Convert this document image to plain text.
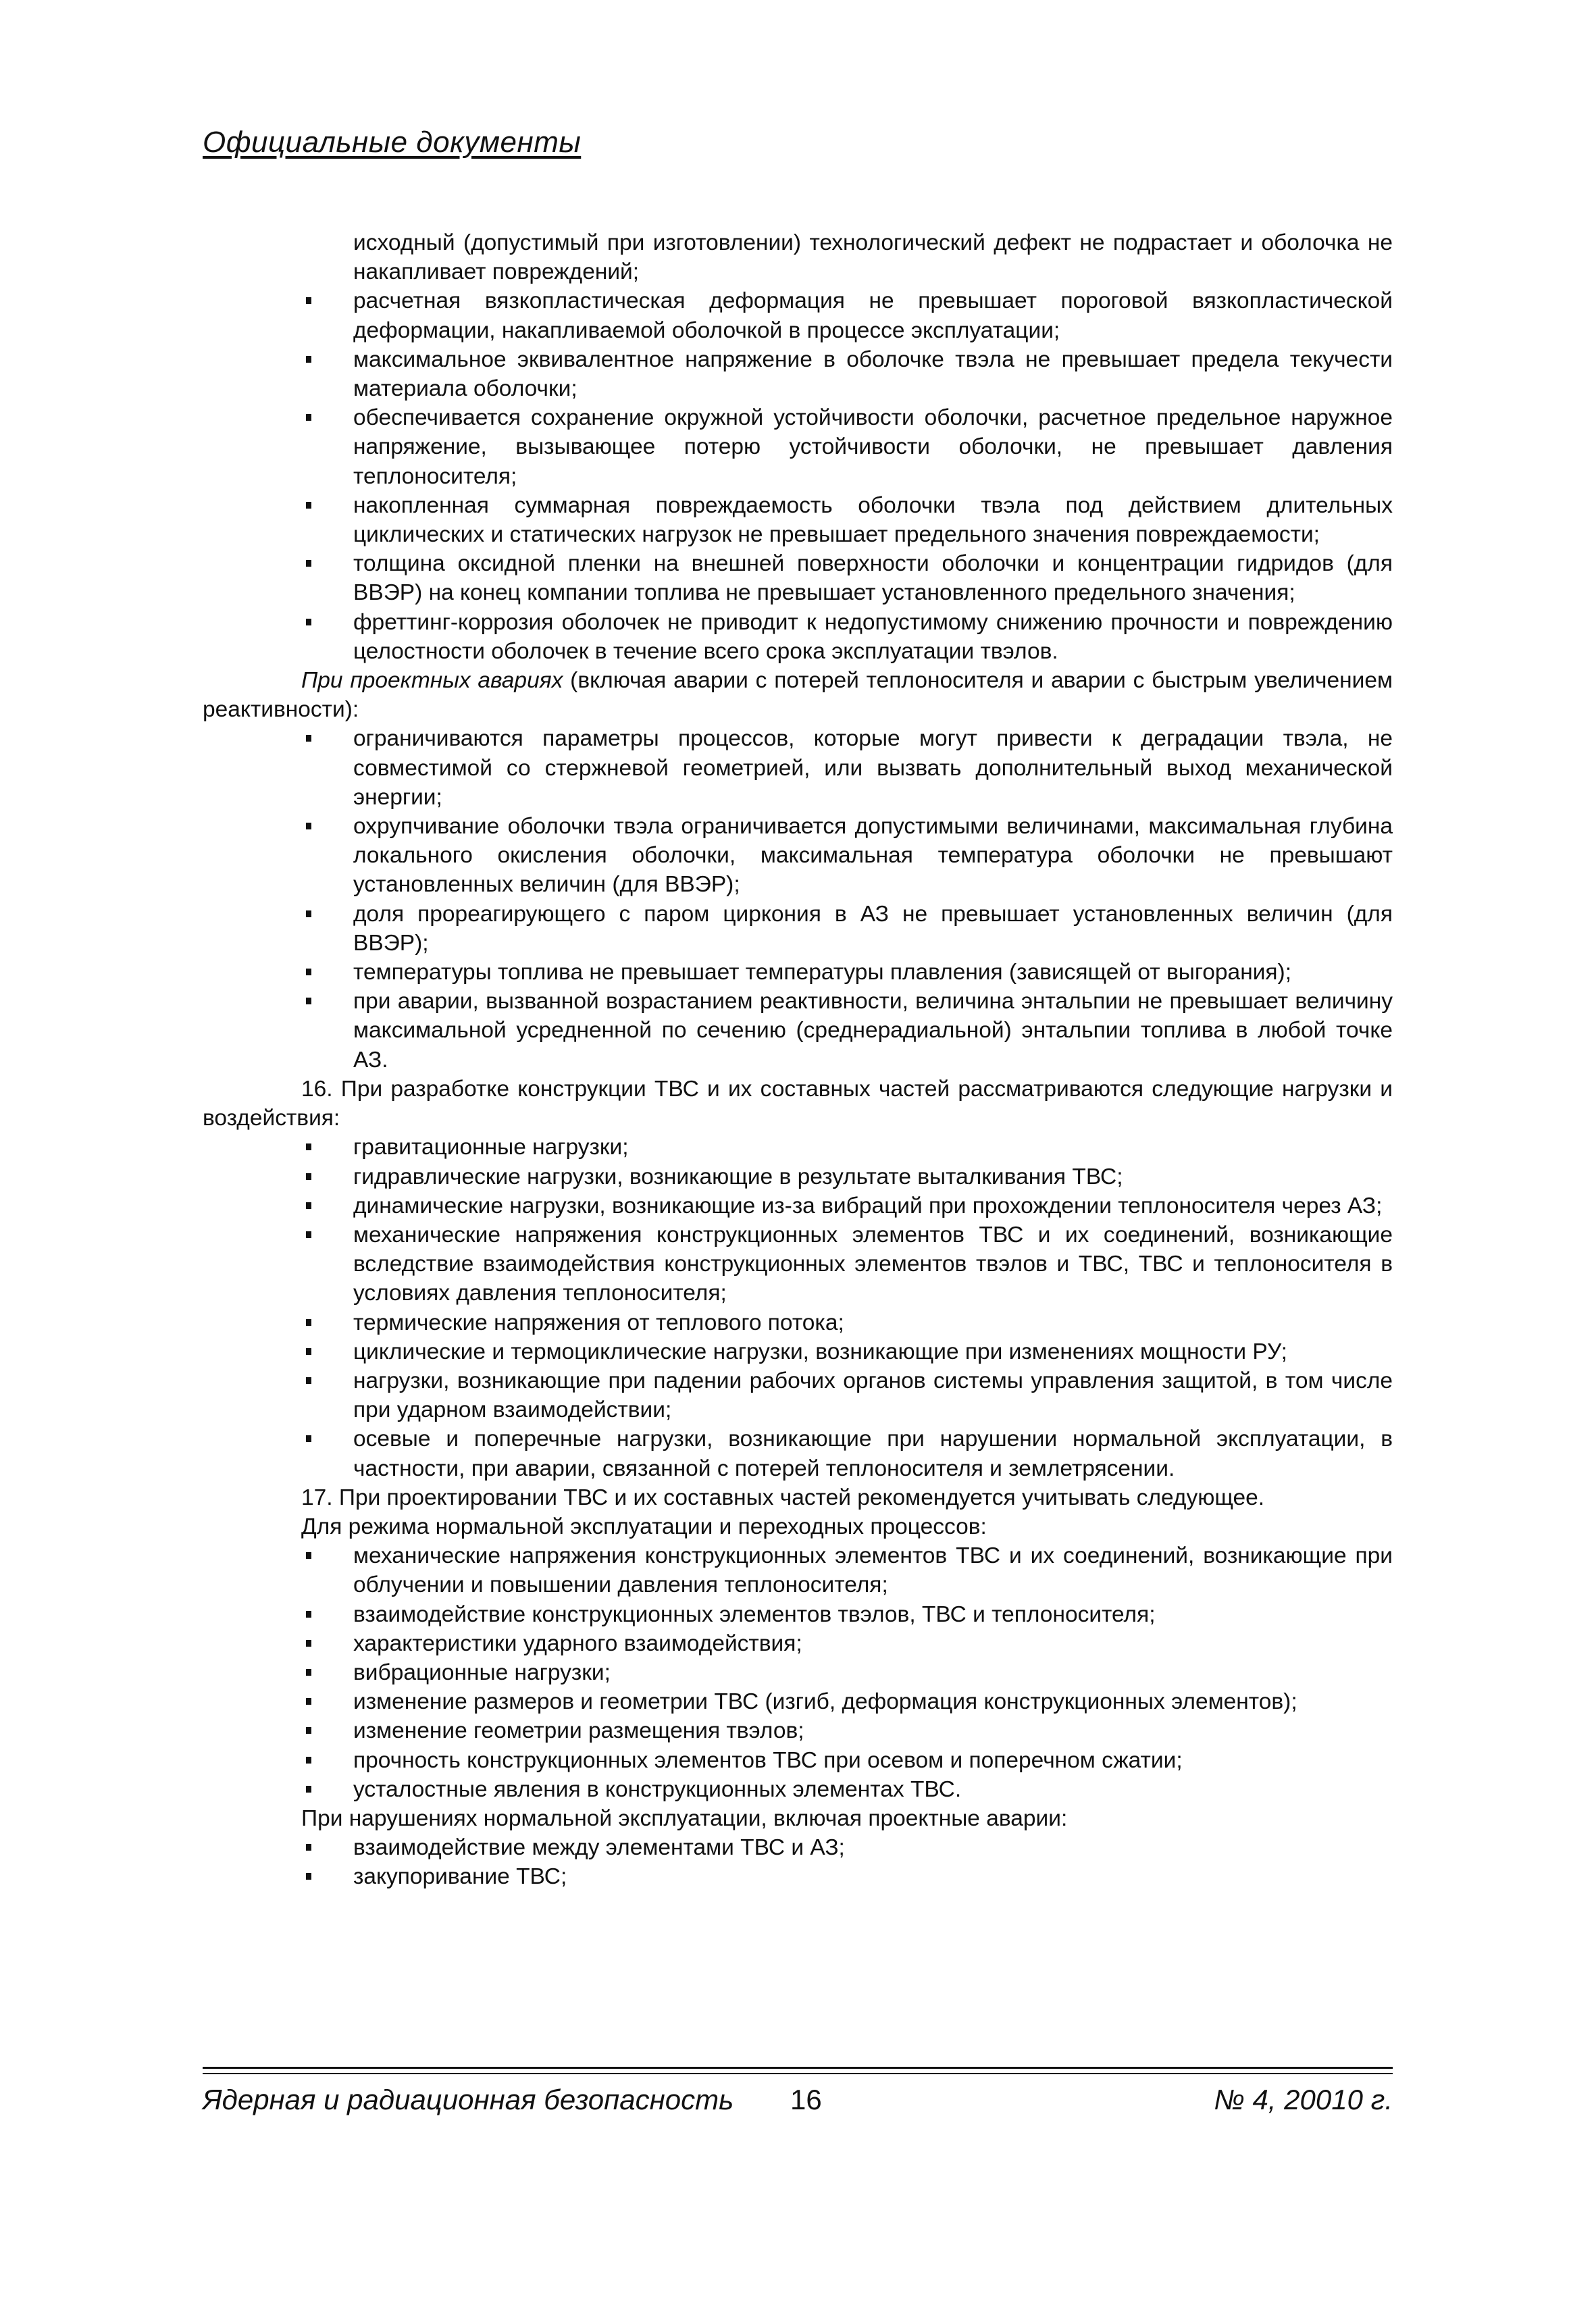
Официальные документы

исходный (допустимый при изготовлении) технологический дефект не подрастает и оболочка не накапливает повреждений;

расчетная вязкопластическая деформация не превышает пороговой вязкопластической деформации, накапливаемой оболочкой в процессе эксплуатации;
максимальное эквивалентное напряжение в оболочке твэла не превышает предела текучести материала оболочки;
обеспечивается сохранение окружной устойчивости оболочки, расчетное предельное наружное напряжение, вызывающее потерю устойчивости оболочки, не превышает давления теплоносителя;
накопленная суммарная повреждаемость оболочки твэла под действием длительных циклических и статических нагрузок не превышает предельного значения повреждаемости;
толщина оксидной пленки на внешней поверхности оболочки и концентрации гидридов (для ВВЭР) на конец компании топлива не превышает установленного предельного значения;
фреттинг-коррозия оболочек не приводит к недопустимому снижению прочности и повреждению целостности оболочек в течение всего срока эксплуатации твэлов.

При проектных авариях (включая аварии с потерей теплоносителя и аварии с быстрым увеличением реактивности):

ограничиваются параметры процессов, которые могут привести к деградации твэла, не совместимой со стержневой геометрией, или вызвать дополнительный выход механической энергии;
охрупчивание оболочки твэла ограничивается допустимыми величинами, максимальная глубина локального окисления оболочки, максимальная температура оболочки не превышают установленных величин (для ВВЭР);
доля прореагирующего с паром циркония в АЗ не превышает установленных величин (для ВВЭР);
температуры топлива не превышает температуры плавления (зависящей от выгорания);
при аварии, вызванной возрастанием реактивности, величина энтальпии не превышает величину максимальной усредненной по сечению (среднерадиальной) энтальпии топлива в любой точке АЗ.

16. При разработке конструкции ТВС и их составных частей рассматриваются следующие нагрузки и воздействия:

гравитационные нагрузки;
гидравлические нагрузки, возникающие в результате выталкивания ТВС;
динамические нагрузки, возникающие из-за вибраций при прохождении теплоносителя через АЗ;
механические напряжения конструкционных элементов ТВС и их соединений, возникающие вследствие взаимодействия конструкционных элементов твэлов и ТВС, ТВС и теплоносителя в условиях давления теплоносителя;
термические напряжения от теплового потока;
циклические и термоциклические нагрузки, возникающие при изменениях мощности РУ;
нагрузки, возникающие при падении рабочих органов системы управления защитой, в том числе при ударном взаимодействии;
осевые и поперечные нагрузки, возникающие при нарушении нормальной эксплуатации, в частности, при аварии, связанной с потерей теплоносителя и землетрясении.

17. При проектировании ТВС и их составных частей рекомендуется учитывать следующее.

Для режима нормальной эксплуатации и переходных процессов:

механические напряжения конструкционных элементов ТВС и их соединений, возникающие при облучении и повышении давления теплоносителя;
взаимодействие конструкционных элементов твэлов, ТВС и теплоносителя;
характеристики ударного взаимодействия;
вибрационные нагрузки;
изменение размеров и геометрии ТВС (изгиб, деформация конструкционных элементов);
изменение геометрии размещения твэлов;
прочность конструкционных элементов ТВС при осевом и поперечном сжатии;
усталостные явления в конструкционных элементах ТВС.

При нарушениях нормальной эксплуатации, включая проектные аварии:

взаимодействие между элементами ТВС и АЗ;
закупоривание ТВС;
Ядерная и радиационная безопасность 16	№ 4, 20010 г.
